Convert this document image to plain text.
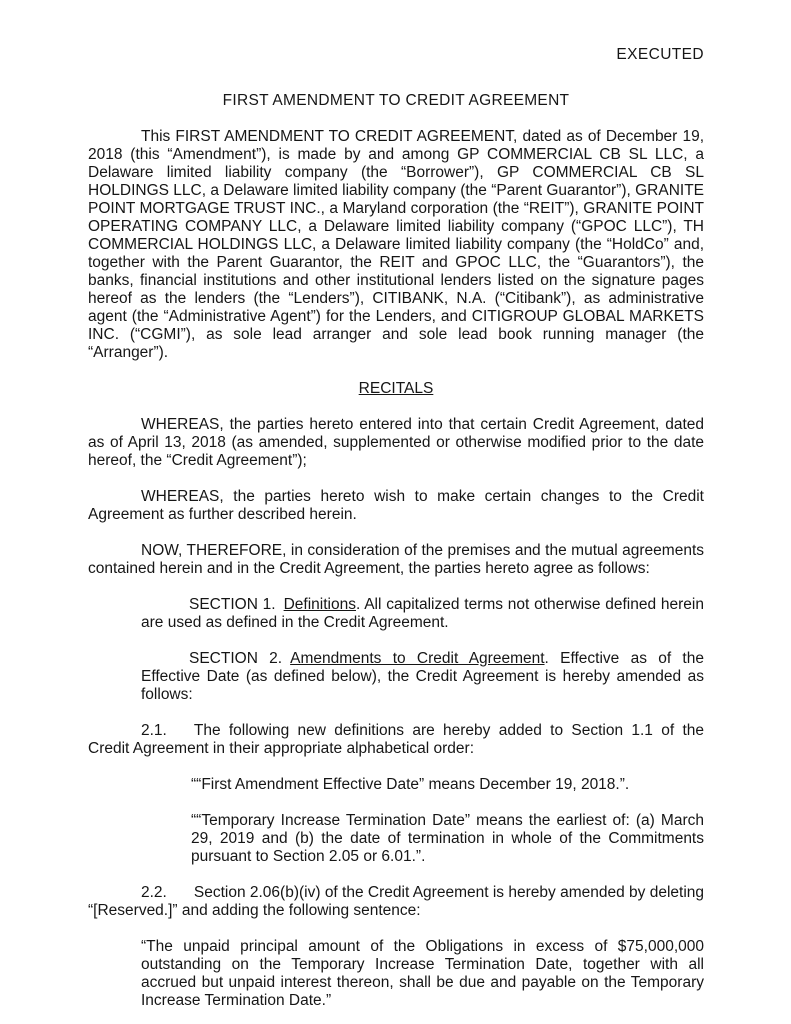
EXECUTED
FIRST AMENDMENT TO CREDIT AGREEMENT

This FIRST AMENDMENT TO CREDIT AGREEMENT, dated as of December 19, 2018 (this “Amendment”), is made by and among GP COMMERCIAL CB SL LLC, a Delaware limited liability company (the “Borrower”), GP COMMERCIAL CB SL HOLDINGS LLC, a Delaware limited liability company (the “Parent Guarantor”), GRANITE POINT MORTGAGE TRUST INC., a Maryland corporation (the “REIT”), GRANITE POINT OPERATING COMPANY LLC, a Delaware limited liability company (“GPOC LLC”), TH COMMERCIAL HOLDINGS LLC, a Delaware limited liability company (the “HoldCo” and, together with the Parent Guarantor, the REIT and GPOC LLC, the “Guarantors”), the banks, financial institutions and other institutional lenders listed on the signature pages hereof as the lenders (the “Lenders”), CITIBANK, N.A. (“Citibank”), as administrative agent (the “Administrative Agent”) for the Lenders, and CITIGROUP GLOBAL MARKETS INC. (“CGMI”), as sole lead arranger and sole lead book running manager (the “Arranger”).

RECITALS

WHEREAS, the parties hereto entered into that certain Credit Agreement, dated as of April 13, 2018 (as amended, supplemented or otherwise modified prior to the date hereof, the “Credit Agreement”);

WHEREAS, the parties hereto wish to make certain changes to the Credit Agreement as further described herein.

NOW, THEREFORE, in consideration of the premises and the mutual agreements contained herein and in the Credit Agreement, the parties hereto agree as follows:

SECTION 1. Definitions. All capitalized terms not otherwise defined herein are used as defined in the Credit Agreement.

SECTION 2. Amendments to Credit Agreement. Effective as of the Effective Date (as defined below), the Credit Agreement is hereby amended as follows:

2.1. The following new definitions are hereby added to Section 1.1 of the Credit Agreement in their appropriate alphabetical order:

““First Amendment Effective Date” means December 19, 2018.”.

““Temporary Increase Termination Date” means the earliest of: (a) March 29, 2019 and (b) the date of termination in whole of the Commitments pursuant to Section 2.05 or 6.01.”.

2.2. Section 2.06(b)(iv) of the Credit Agreement is hereby amended by deleting “[Reserved.]” and adding the following sentence:

“The unpaid principal amount of the Obligations in excess of $75,000,000 outstanding on the Temporary Increase Termination Date, together with all accrued but unpaid interest thereon, shall be due and payable on the Temporary Increase Termination Date.”
